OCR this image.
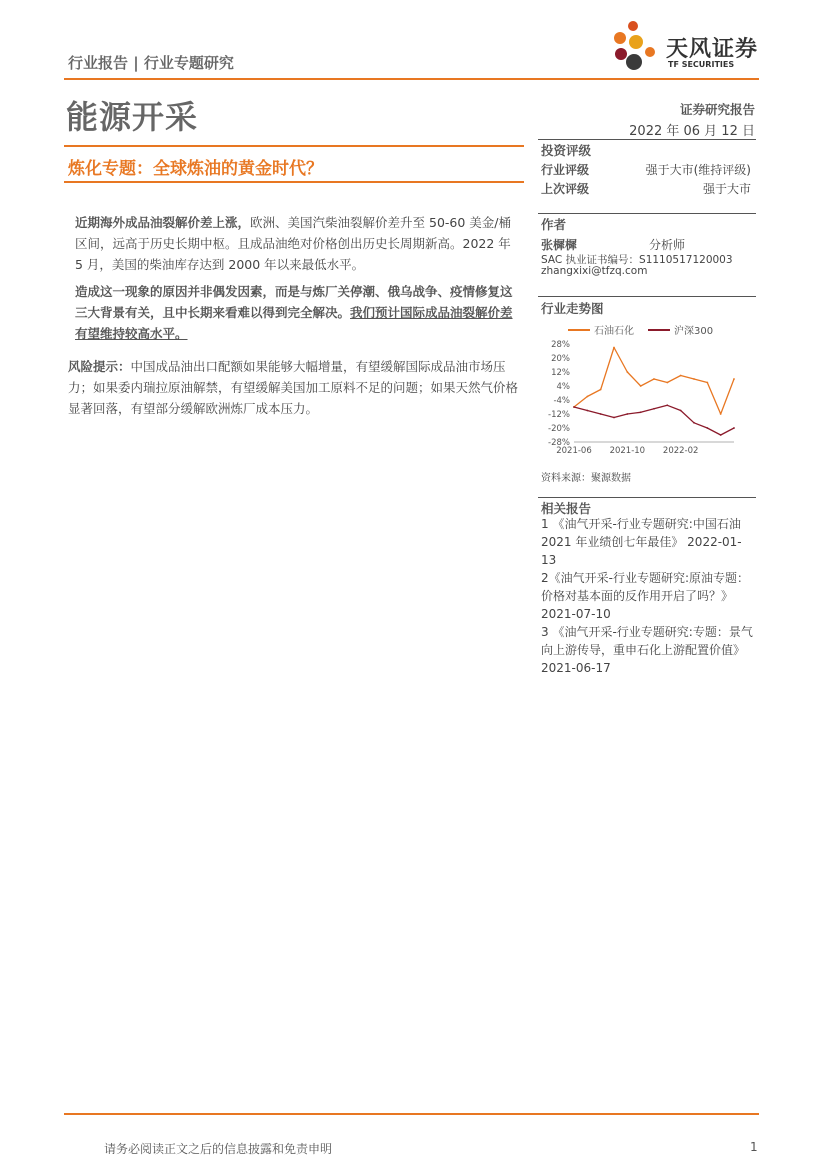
行业报告 | 行业专题研究
天风证券
TF SECURITIES
能源开采	证券研究报告
2022 年 06 月 12 日
炼化专题：全球炼油的黄金时代？
近期海外成品油裂解价差上涨，欧洲、美国汽柴油裂解价差升至 50-60 美金/桶区间，远高于历史长期中枢。且成品油绝对价格创出历史长周期新高。2022 年 5 月，美国的柴油库存达到 2000 年以来最低水平。
造成这一现象的原因并非偶发因素，而是与炼厂关停潮、俄乌战争、疫情修复这三大背景有关，且中长期来看难以得到完全解决。我们预计国际成品油裂解价差有望维持较高水平。
风险提示：中国成品油出口配额如果能够大幅增量，有望缓解国际成品油市场压力；如果委内瑞拉原油解禁，有望缓解美国加工原料不足的问题；如果天然气价格显著回落，有望部分缓解欧洲炼厂成本压力。
投资评级
行业评级	强于大市(维持评级)
上次评级	强于大市
作者
张樨樨	分析师
SAC 执业证书编号：S1110517120003
zhangxixi@tfzq.com
行业走势图
石油石化	沪深300
28%
20%
12%
4%
-4%
-12%
-20%
-28%
2021-06 2021-10 2022-02
资料来源：聚源数据
相关报告
1 《油气开采-行业专题研究:中国石油 2021 年业绩创七年最佳》 2022-01-13
2《油气开采-行业专题研究:原油专题：价格对基本面的反作用开启了吗？》 2021-07-10
3 《油气开采-行业专题研究:专题：景气向上游传导，重申石化上游配置价值》 2021-06-17
请务必阅读正文之后的信息披露和免责申明	1
